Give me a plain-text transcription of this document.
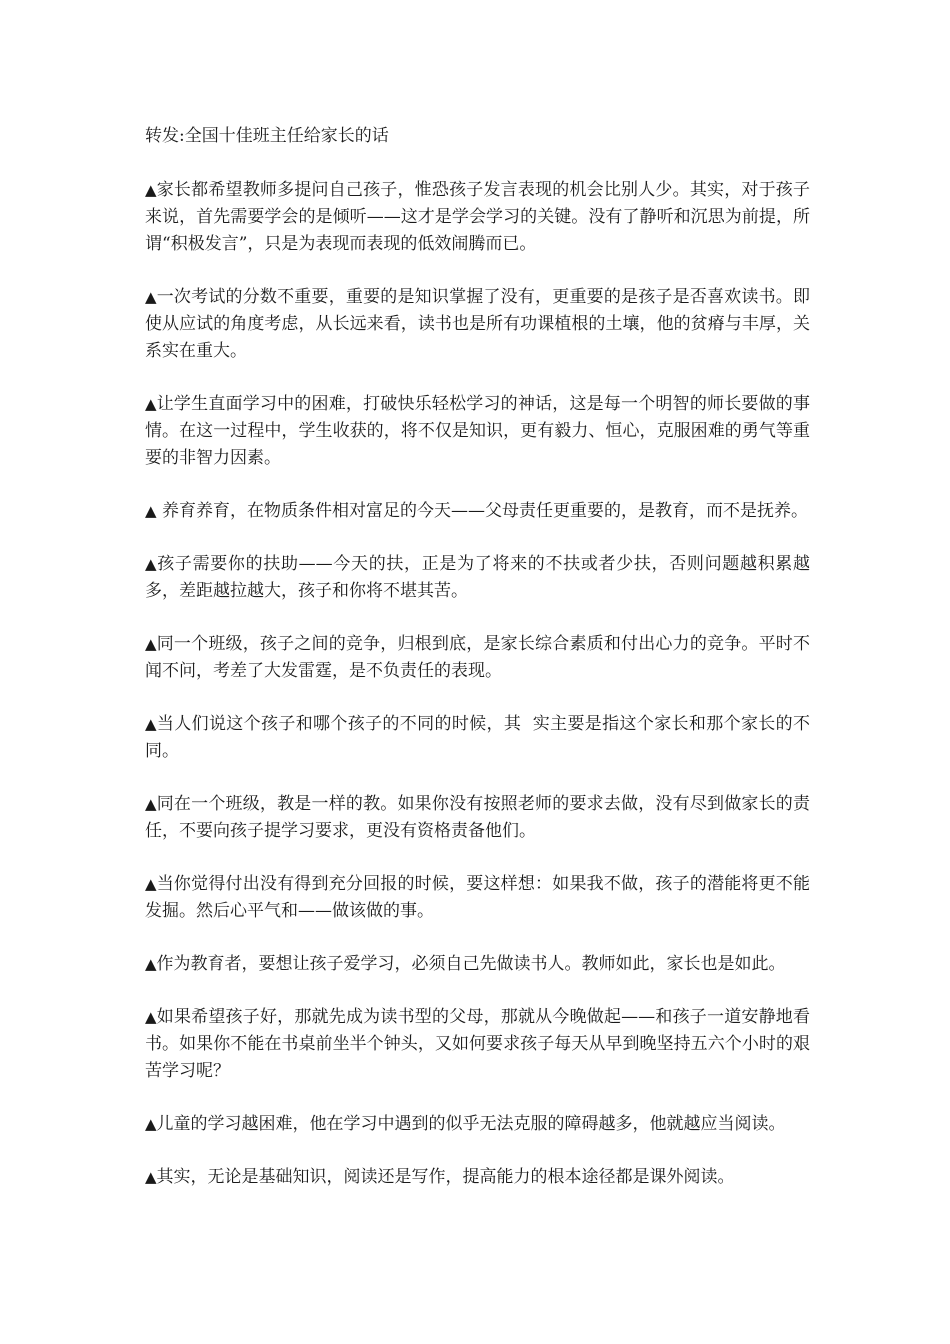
转发:全国十佳班主任给家长的话

▲家长都希望教师多提问自己孩子，惟恐孩子发言表现的机会比别人少。其实，对于孩子来说，首先需要学会的是倾听——这才是学会学习的关键。没有了静听和沉思为前提，所谓“积极发言”，只是为表现而表现的低效闹腾而已。

▲一次考试的分数不重要，重要的是知识掌握了没有，更重要的是孩子是否喜欢读书。即使从应试的角度考虑，从长远来看，读书也是所有功课植根的土壤，他的贫瘠与丰厚，关系实在重大。

▲让学生直面学习中的困难，打破快乐轻松学习的神话，这是每一个明智的师长要做的事情。在这一过程中，学生收获的，将不仅是知识，更有毅力、恒心，克服困难的勇气等重要的非智力因素。

▲ 养育养育，在物质条件相对富足的今天——父母责任更重要的，是教育，而不是抚养。

▲孩子需要你的扶助——今天的扶，正是为了将来的不扶或者少扶，否则问题越积累越多，差距越拉越大，孩子和你将不堪其苦。

▲同一个班级，孩子之间的竞争，归根到底，是家长综合素质和付出心力的竞争。平时不闻不问，考差了大发雷霆，是不负责任的表现。

▲当人们说这个孩子和哪个孩子的不同的时候，其  实主要是指这个家长和那个家长的不同。

▲同在一个班级，教是一样的教。如果你没有按照老师的要求去做，没有尽到做家长的责任，不要向孩子提学习要求，更没有资格责备他们。

▲当你觉得付出没有得到充分回报的时候，要这样想：如果我不做，孩子的潜能将更不能发掘。然后心平气和——做该做的事。

▲作为教育者，要想让孩子爱学习，必须自己先做读书人。教师如此，家长也是如此。

▲如果希望孩子好，那就先成为读书型的父母，那就从今晚做起——和孩子一道安静地看书。如果你不能在书桌前坐半个钟头，又如何要求孩子每天从早到晚坚持五六个小时的艰苦学习呢？

▲儿童的学习越困难，他在学习中遇到的似乎无法克服的障碍越多，他就越应当阅读。

▲其实，无论是基础知识，阅读还是写作，提高能力的根本途径都是课外阅读。
